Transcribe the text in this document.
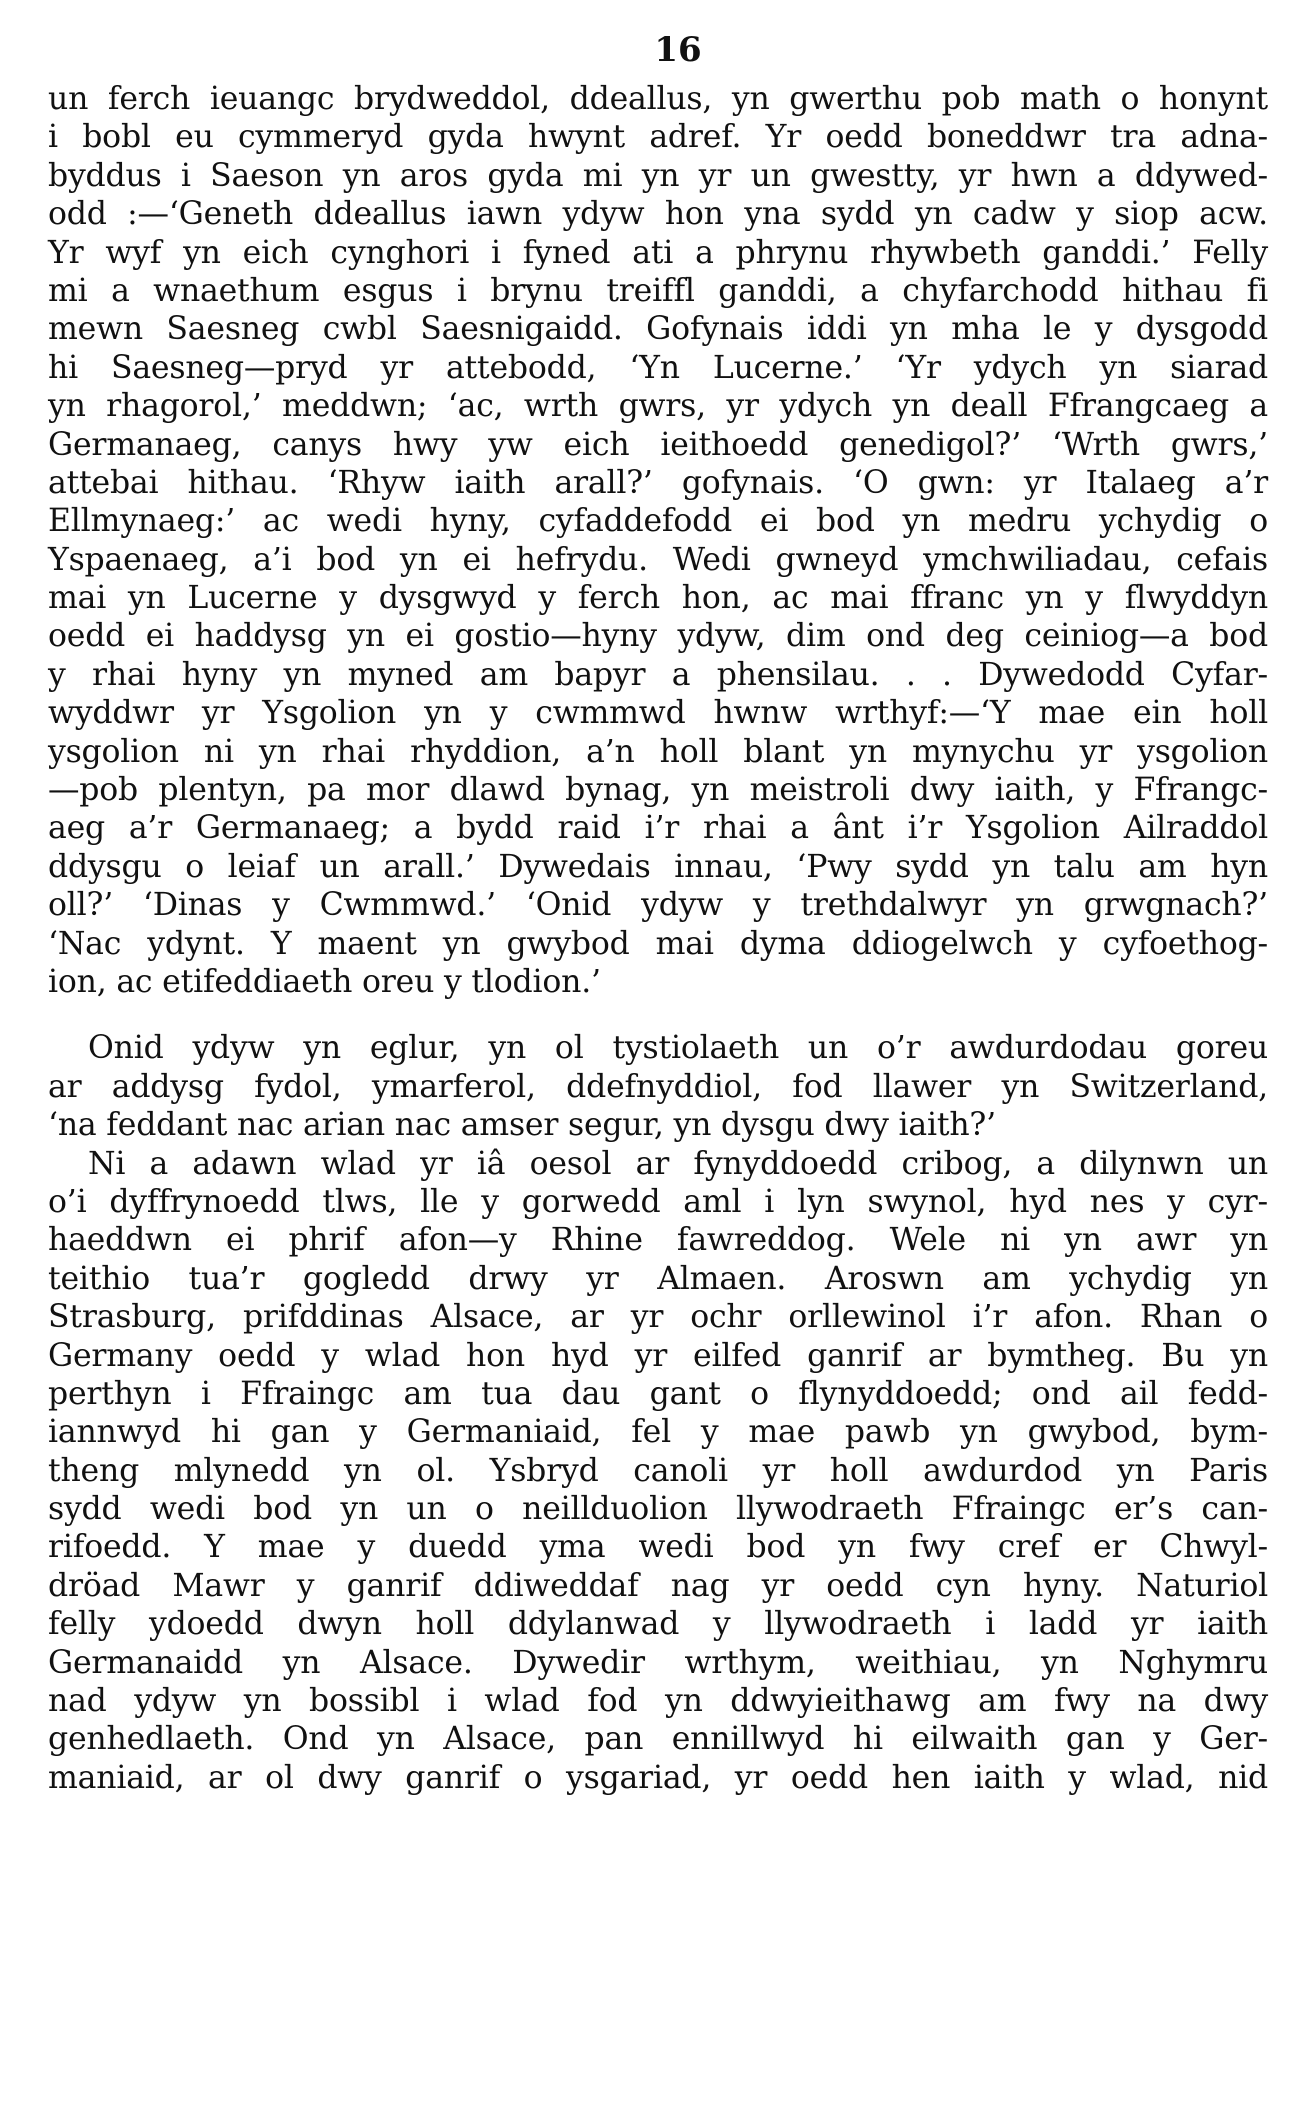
16
un ferch ieuangc brydweddol, ddeallus, yn gwerthu pob math o honynt
i bobl eu cymmeryd gyda hwynt adref. Yr oedd boneddwr tra adna-
byddus i Saeson yn aros gyda mi yn yr un gwestty, yr hwn a ddywed-
odd :—‘Geneth ddeallus iawn ydyw hon yna sydd yn cadw y siop acw.
Yr wyf yn eich cynghori i fyned ati a phrynu rhywbeth ganddi.’ Felly
mi a wnaethum esgus i brynu treiffl ganddi, a chyfarchodd hithau fi
mewn Saesneg cwbl Saesnigaidd. Gofynais iddi yn mha le y dysgodd
hi Saesneg—pryd yr attebodd, ‘Yn Lucerne.’ ‘Yr ydych yn siarad
yn rhagorol,’ meddwn; ‘ac, wrth gwrs, yr ydych yn deall Ffrangcaeg a
Germanaeg, canys hwy yw eich ieithoedd genedigol?’ ‘Wrth gwrs,’
attebai hithau. ‘Rhyw iaith arall?’ gofynais. ‘O gwn: yr Italaeg a’r
Ellmynaeg:’ ac wedi hyny, cyfaddefodd ei bod yn medru ychydig o
Yspaenaeg, a’i bod yn ei hefrydu. Wedi gwneyd ymchwiliadau, cefais
mai yn Lucerne y dysgwyd y ferch hon, ac mai ffranc yn y flwyddyn
oedd ei haddysg yn ei gostio—hyny ydyw, dim ond deg ceiniog—a bod
y rhai hyny yn myned am bapyr a phensilau. . . Dywedodd Cyfar-
wyddwr yr Ysgolion yn y cwmmwd hwnw wrthyf:—‘Y mae ein holl
ysgolion ni yn rhai rhyddion, a’n holl blant yn mynychu yr ysgolion
—pob plentyn, pa mor dlawd bynag, yn meistroli dwy iaith, y Ffrangc-
aeg a’r Germanaeg; a bydd raid i’r rhai a ânt i’r Ysgolion Ailraddol
ddysgu o leiaf un arall.’ Dywedais innau, ‘Pwy sydd yn talu am hyn
oll?’ ‘Dinas y Cwmmwd.’ ‘Onid ydyw y trethdalwyr yn grwgnach?’
‘Nac ydynt. Y maent yn gwybod mai dyma ddiogelwch y cyfoethog-
ion, ac etifeddiaeth oreu y tlodion.’
Onid ydyw yn eglur, yn ol tystiolaeth un o’r awdurdodau goreu
ar addysg fydol, ymarferol, ddefnyddiol, fod llawer yn Switzerland,
‘na feddant nac arian nac amser segur, yn dysgu dwy iaith?’
Ni a adawn wlad yr iâ oesol ar fynyddoedd cribog, a dilynwn un
o’i dyffrynoedd tlws, lle y gorwedd aml i lyn swynol, hyd nes y cyr-
haeddwn ei phrif afon—y Rhine fawreddog. Wele ni yn awr yn
teithio tua’r gogledd drwy yr Almaen. Aroswn am ychydig yn
Strasburg, prifddinas Alsace, ar yr ochr orllewinol i’r afon. Rhan o
Germany oedd y wlad hon hyd yr eilfed ganrif ar bymtheg. Bu yn
perthyn i Ffraingc am tua dau gant o flynyddoedd; ond ail fedd-
iannwyd hi gan y Germaniaid, fel y mae pawb yn gwybod, bym-
theng mlynedd yn ol. Ysbryd canoli yr holl awdurdod yn Paris
sydd wedi bod yn un o neillduolion llywodraeth Ffraingc er’s can-
rifoedd. Y mae y duedd yma wedi bod yn fwy cref er Chwyl-
dröad Mawr y ganrif ddiweddaf nag yr oedd cyn hyny. Naturiol
felly ydoedd dwyn holl ddylanwad y llywodraeth i ladd yr iaith
Germanaidd yn Alsace. Dywedir wrthym, weithiau, yn Nghymru
nad ydyw yn bossibl i wlad fod yn ddwyieithawg am fwy na dwy
genhedlaeth. Ond yn Alsace, pan ennillwyd hi eilwaith gan y Ger-
maniaid, ar ol dwy ganrif o ysgariad, yr oedd hen iaith y wlad, nid
